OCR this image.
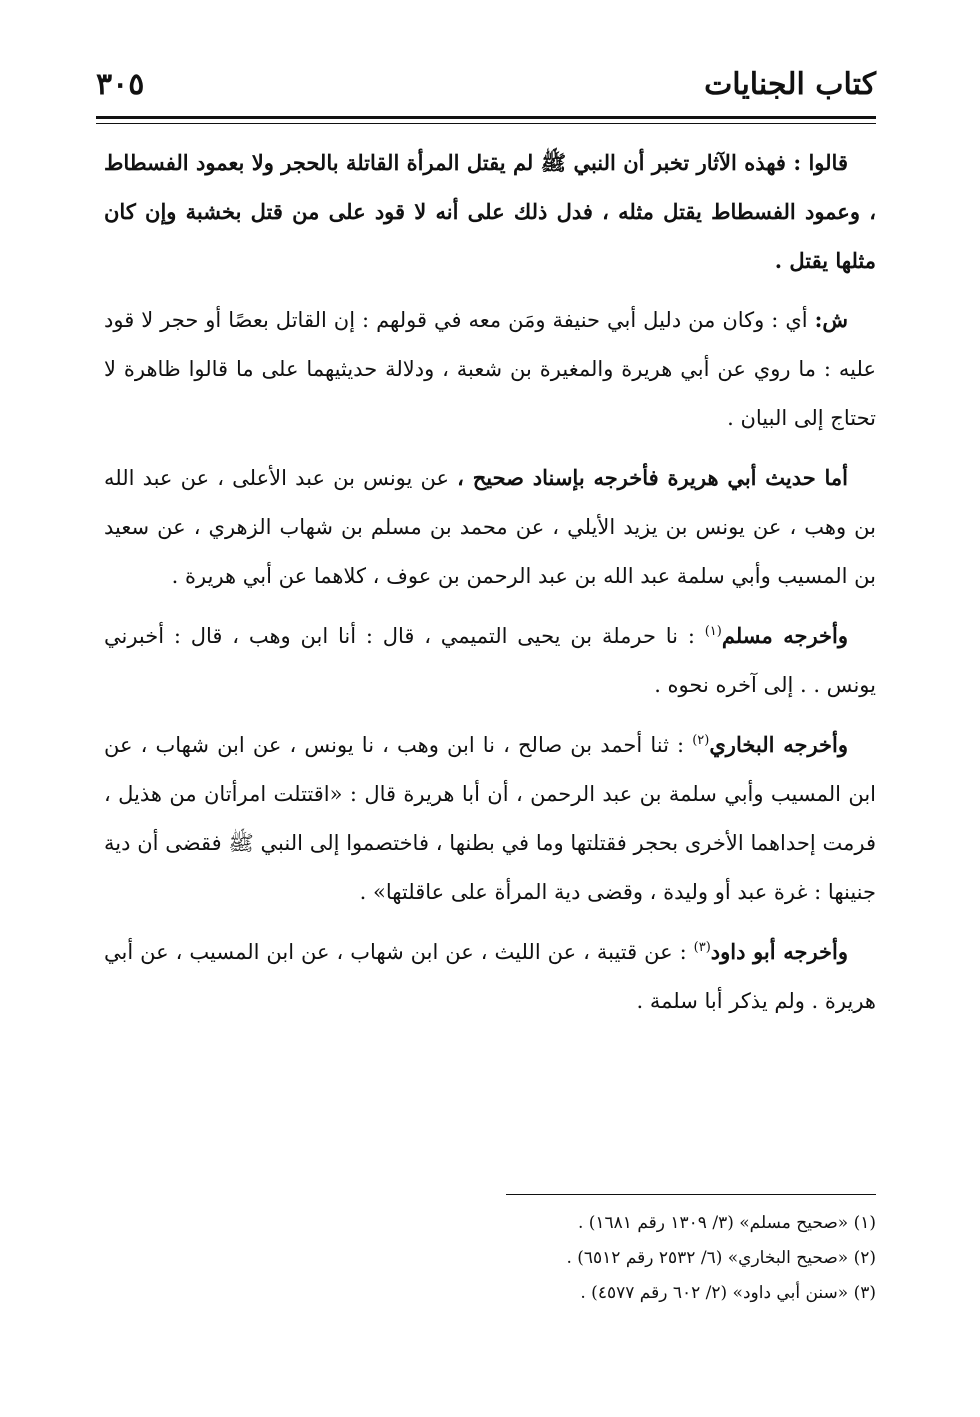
كتاب الجنايات
٣٠٥

قالوا : فهذه الآثار تخبر أن النبي ﷺ لم يقتل المرأة القاتلة بالحجر ولا بعمود الفسطاط ، وعمود الفسطاط يقتل مثله ، فدل ذلك على أنه لا قود على من قتل بخشبة وإن كان مثلها يقتل .

ش: أي : وكان من دليل أبي حنيفة ومَن معه في قولهم : إن القاتل بعصًا أو حجر لا قود عليه : ما روي عن أبي هريرة والمغيرة بن شعبة ، ودلالة حديثيهما على ما قالوا ظاهرة لا تحتاج إلى البيان .

أما حديث أبي هريرة فأخرجه بإسناد صحيح ، عن يونس بن عبد الأعلى ، عن عبد الله بن وهب ، عن يونس بن يزيد الأيلي ، عن محمد بن مسلم بن شهاب الزهري ، عن سعيد بن المسيب وأبي سلمة عبد الله بن عبد الرحمن بن عوف ، كلاهما عن أبي هريرة .

وأخرجه مسلم$^{(١)}$ : نا حرملة بن يحيى التميمي ، قال : أنا ابن وهب ، قال : أخبرني يونس . . إلى آخره نحوه .

وأخرجه البخاري$^{(٢)}$ : ثنا أحمد بن صالح ، نا ابن وهب ، نا يونس ، عن ابن شهاب ، عن ابن المسيب وأبي سلمة بن عبد الرحمن ، أن أبا هريرة قال : «اقتتلت امرأتان من هذيل ، فرمت إحداهما الأخرى بحجر فقتلتها وما في بطنها ، فاختصموا إلى النبي ﷺ فقضى أن دية جنينها : غرة عبد أو وليدة ، وقضى دية المرأة على عاقلتها» .

وأخرجه أبو داود$^{(٣)}$ : عن قتيبة ، عن الليث ، عن ابن شهاب ، عن ابن المسيب ، عن أبي هريرة . ولم يذكر أبا سلمة .

(١) «صحيح مسلم» (٣/ ١٣٠٩ رقم ١٦٨١) .

(٢) «صحيح البخاري» (٦/ ٢٥٣٢ رقم ٦٥١٢) .

(٣) «سنن أبي داود» (٢/ ٦٠٢ رقم ٤٥٧٧) .
